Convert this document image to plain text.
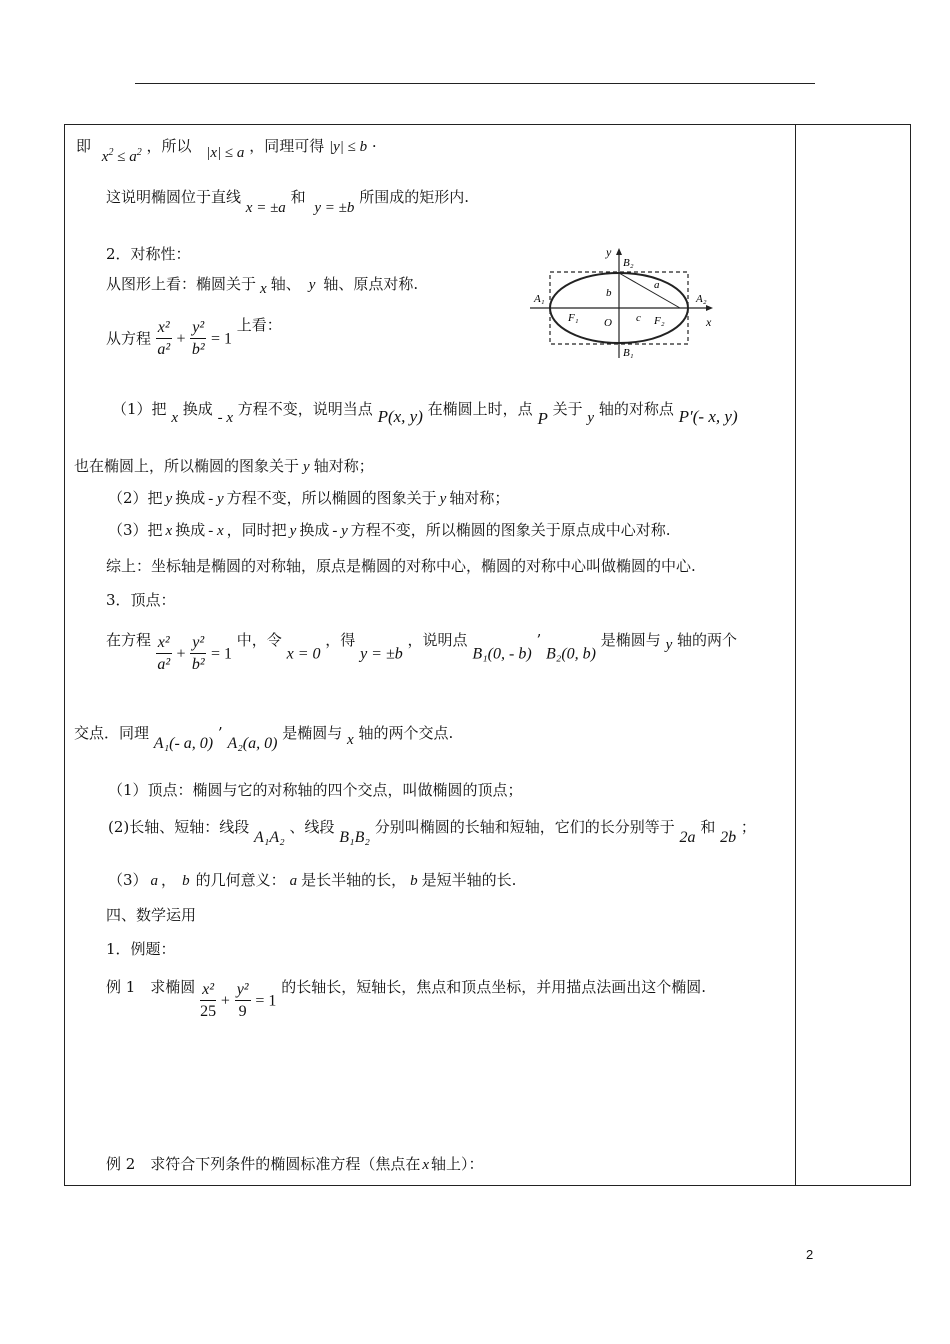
即 $x^2 \le a^2$ ，所以 |x| ≤ a ，同理可得 |y| ≤ b ·
这说明椭圆位于直线 x = ±a 和 y = ±b 所围成的矩形内.
2．对称性：
从图形上看：椭圆关于 x 轴、 y 轴、原点对称.
从方程 $\frac{\text{x²}}{\text{a²}} + \frac{\text{y²}}{\text{b²}} = 1$ 上看：
（1）把 x 换成 - x 方程不变，说明当点 P(x, y) 在椭圆上时，点 P 关于 y 轴的对称点 P′(- x, y)
也在椭圆上，所以椭圆的图象关于 y 轴对称；
（2）把 y 换成 - y 方程不变，所以椭圆的图象关于 y 轴对称；
（3）把 x 换成 - x ，同时把 y 换成 - y 方程不变，所以椭圆的图象关于原点成中心对称.
综上：坐标轴是椭圆的对称轴，原点是椭圆的对称中心，椭圆的对称中心叫做椭圆的中心.
3．顶点：
在方程 $\frac{\text{x²}}{\text{a²}} + \frac{\text{y²}}{\text{b²}} = 1$ 中，令 x = 0 ，得 y = ±b ，说明点 B₁(0, - b) ’ B₂(0, b) 是椭圆与 y 轴的两个
交点．同理 A₁(- a, 0) ’ A₂(a, 0) 是椭圆与 x 轴的两个交点.
（1）顶点：椭圆与它的对称轴的四个交点，叫做椭圆的顶点；
(2)长轴、短轴：线段 A₁A₂ 、线段 B₁B₂ 分别叫椭圆的长轴和短轴，它们的长分别等于 2a 和 2b ；
（3） a ， b 的几何意义： a 是长半轴的长， b 是短半轴的长.
四、数学运用
1．例题：
例 1　求椭圆 $\frac{\text{x²}}{25} + \frac{\text{y²}}{9} = 1$ 的长轴长，短轴长，焦点和顶点坐标，并用描点法画出这个椭圆.
例 2　求符合下列条件的椭圆标准方程（焦点在 x 轴上）：
y
x
B₂
B₁
A₁	A₂
F₁	F₂
O
a
b
c
2
